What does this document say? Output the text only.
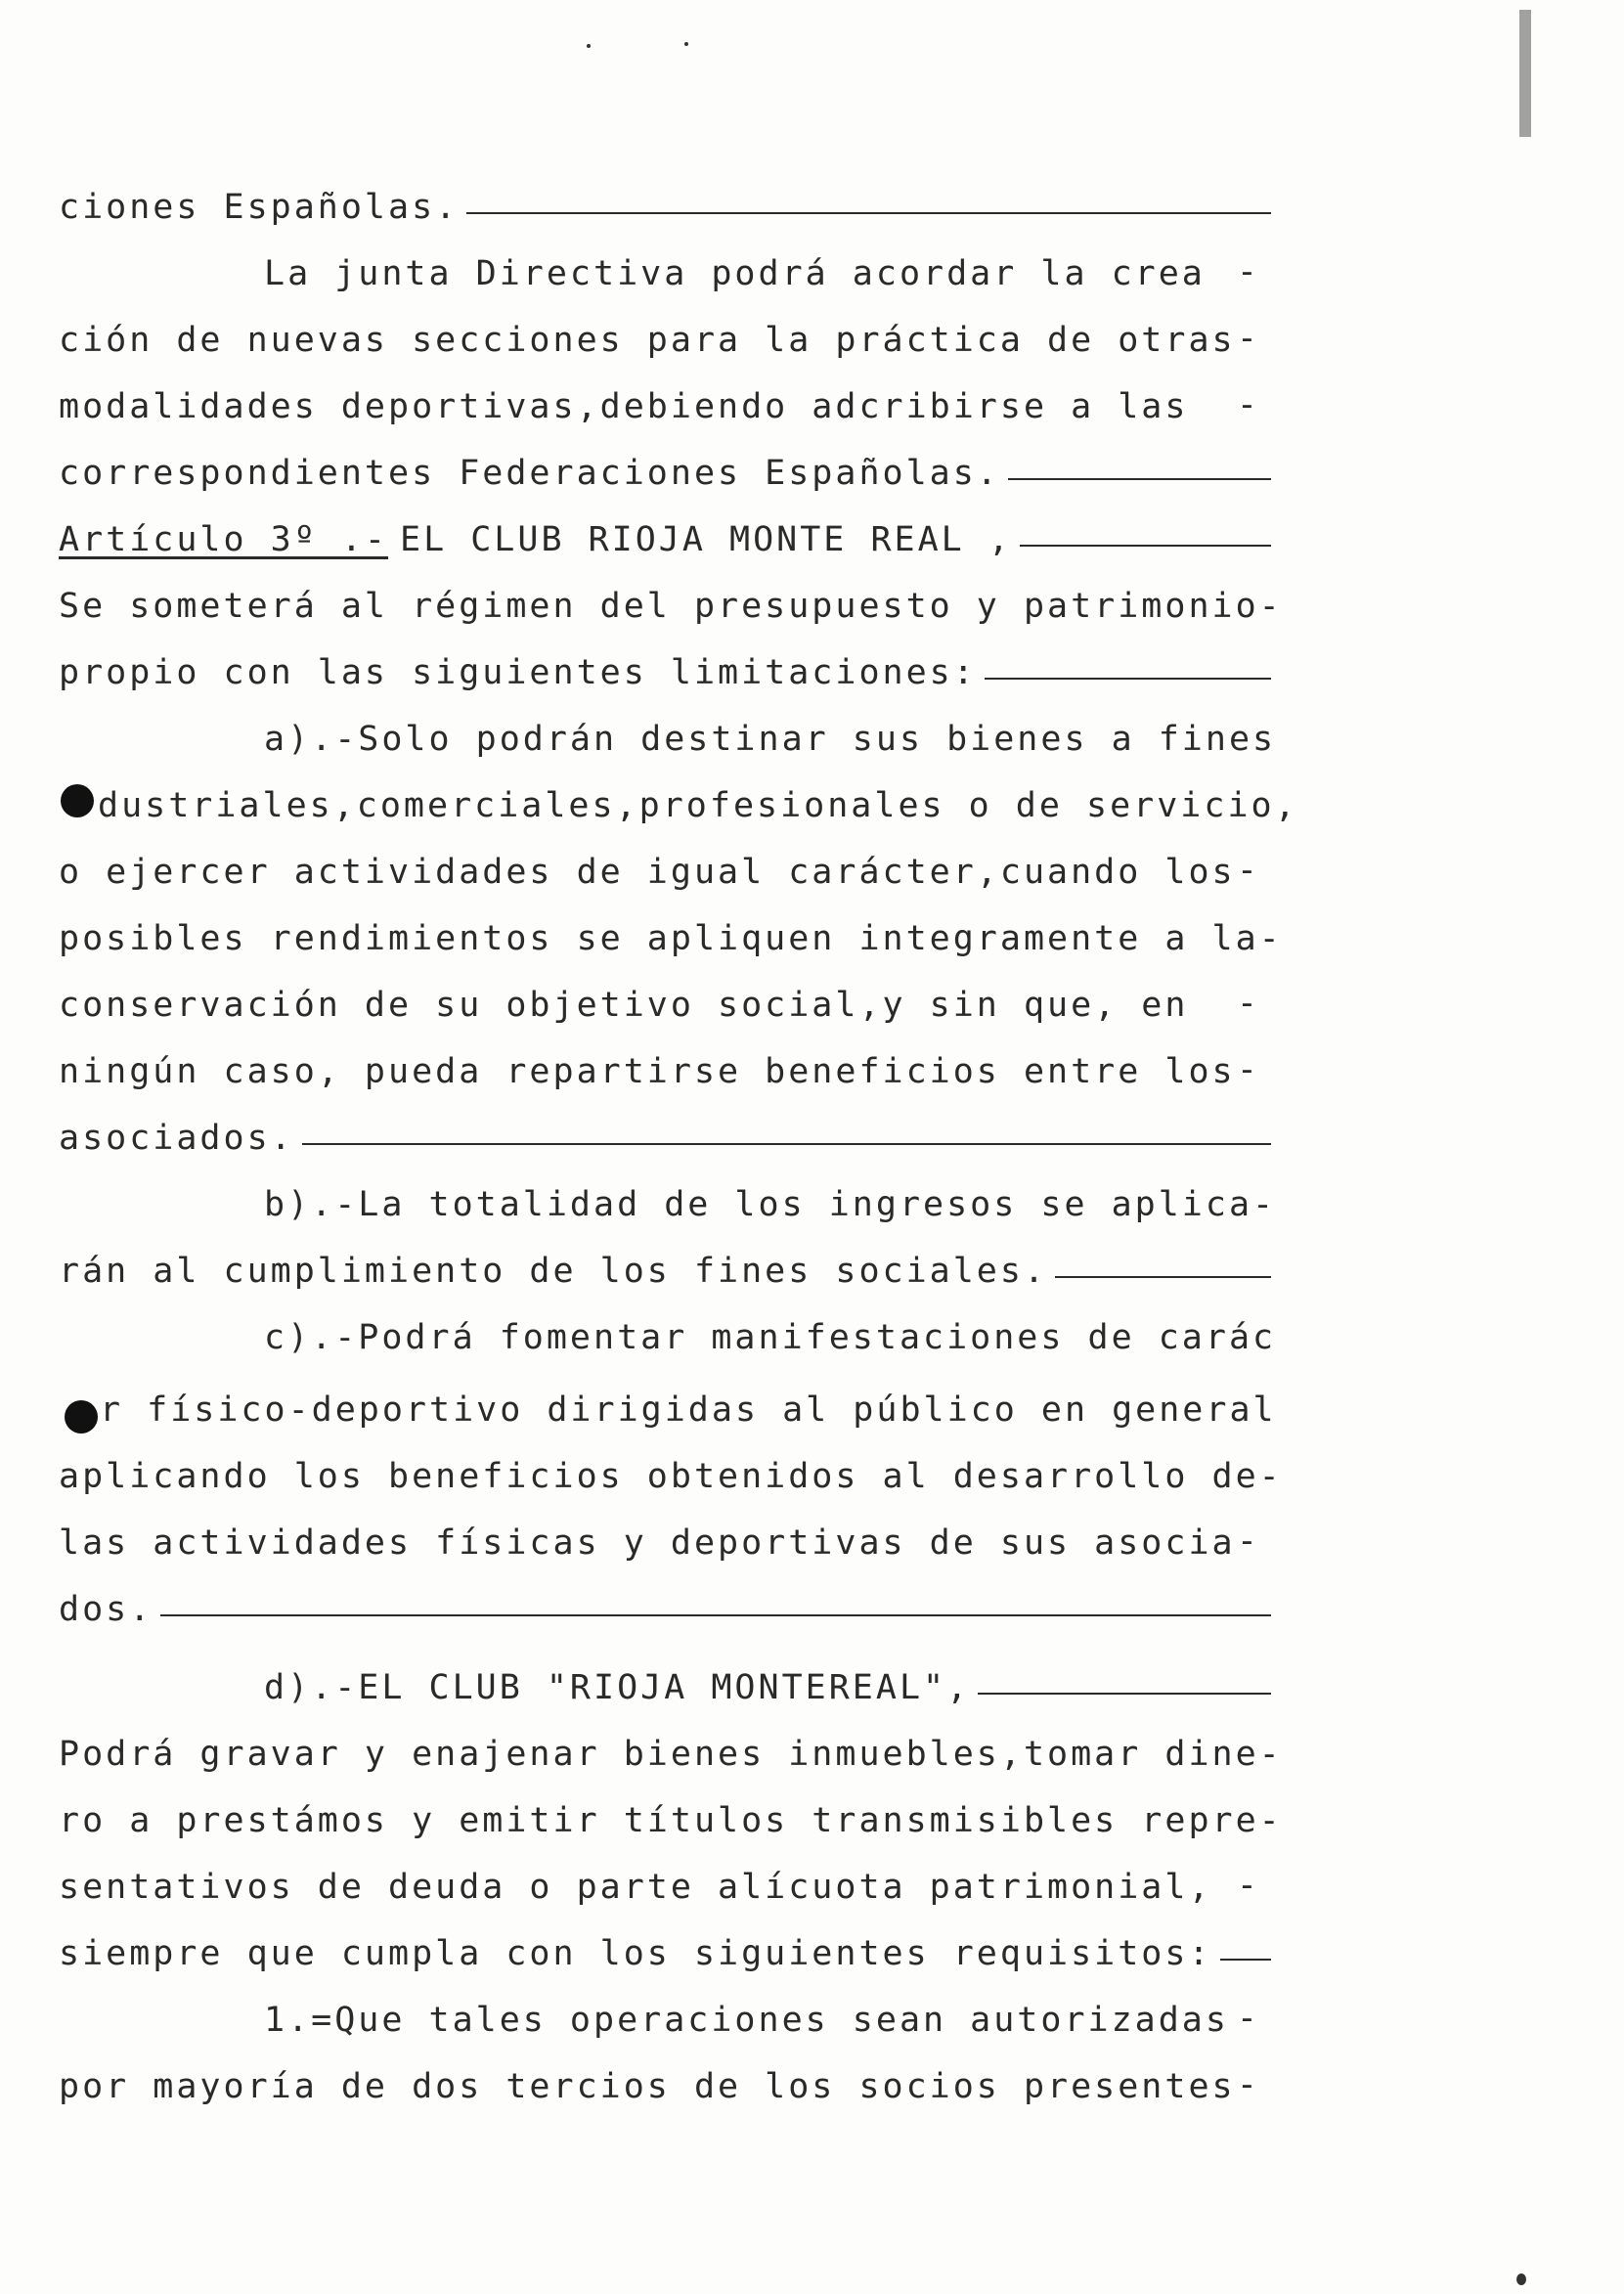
ciones Españolas.
La junta Directiva podrá acordar la crea -
ción de nuevas secciones para la práctica de otras -
modalidades deportivas,debiendo adcribirse a las -
correspondientes Federaciones Españolas.
Artículo 3º .- EL CLUB RIOJA MONTE REAL ,
Se someterá al régimen del presupuesto y patrimonio-
propio con las siguientes limitaciones:
a).-Solo podrán destinar sus bienes a fines
dustriales,comerciales,profesionales o de servicio,
o ejercer actividades de igual carácter,cuando los -
posibles rendimientos se apliquen integramente a la-
conservación de su objetivo social,y sin que, en -
ningún caso, pueda repartirse beneficios entre los -
asociados.
b).-La totalidad de los ingresos se aplica-
rán al cumplimiento de los fines sociales.
c).-Podrá fomentar manifestaciones de carác
r físico-deportivo dirigidas al público en general
aplicando los beneficios obtenidos al desarrollo de-
las actividades físicas y deportivas de sus asocia -
dos.
d).-EL CLUB "RIOJA MONTEREAL",
Podrá gravar y enajenar bienes inmuebles,tomar dine-
ro a prestámos y emitir títulos transmisibles repre-
sentativos de deuda o parte alícuota patrimonial, -
siempre que cumpla con los siguientes requisitos:
1.=Que tales operaciones sean autorizadas -
por mayoría de dos tercios de los socios presentes -
